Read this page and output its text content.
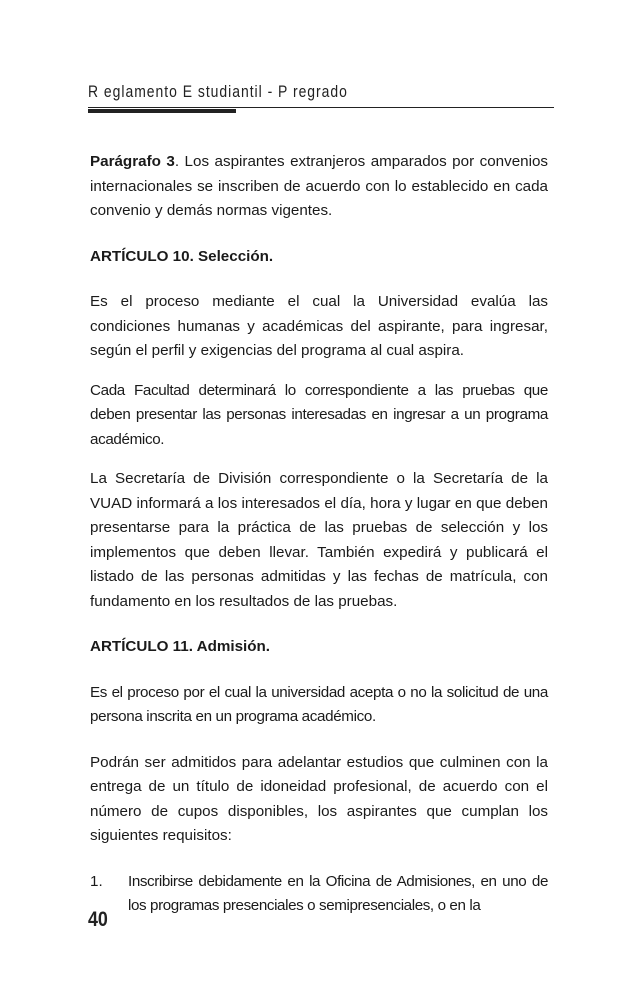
R eglamento E studiantil - P regrado

Parágrafo 3. Los aspirantes extranjeros amparados por convenios internacionales se inscriben de acuerdo con lo establecido en cada convenio y demás normas vigentes.

ARTÍCULO 10. Selección.

Es el proceso mediante el cual la Universidad evalúa las condiciones humanas y académicas del aspirante, para ingresar, según el perfil y exigencias del programa al cual aspira.

Cada Facultad determinará lo correspondiente a las pruebas que deben presentar las personas interesadas en ingresar a un programa académico.

La Secretaría de División correspondiente o la Secretaría de la VUAD informará a los interesados el día, hora y lugar en que deben presentarse para la práctica de las pruebas de selección y los implementos que deben llevar. También expedirá y publicará el listado de las personas admitidas y las fechas de matrícula, con fundamento en los resultados de las pruebas.

ARTÍCULO 11. Admisión.

Es el proceso por el cual la universidad acepta o no la solicitud de una persona inscrita en un programa académico.

Podrán ser admitidos para adelantar estudios que culminen con la entrega de un título de idoneidad profesional, de acuerdo con el número de cupos disponibles, los aspirantes que cumplan los siguientes requisitos:

1.	Inscribirse debidamente en la Oficina de Admisiones, en uno de los programas presenciales o semipresenciales, o en la
40
